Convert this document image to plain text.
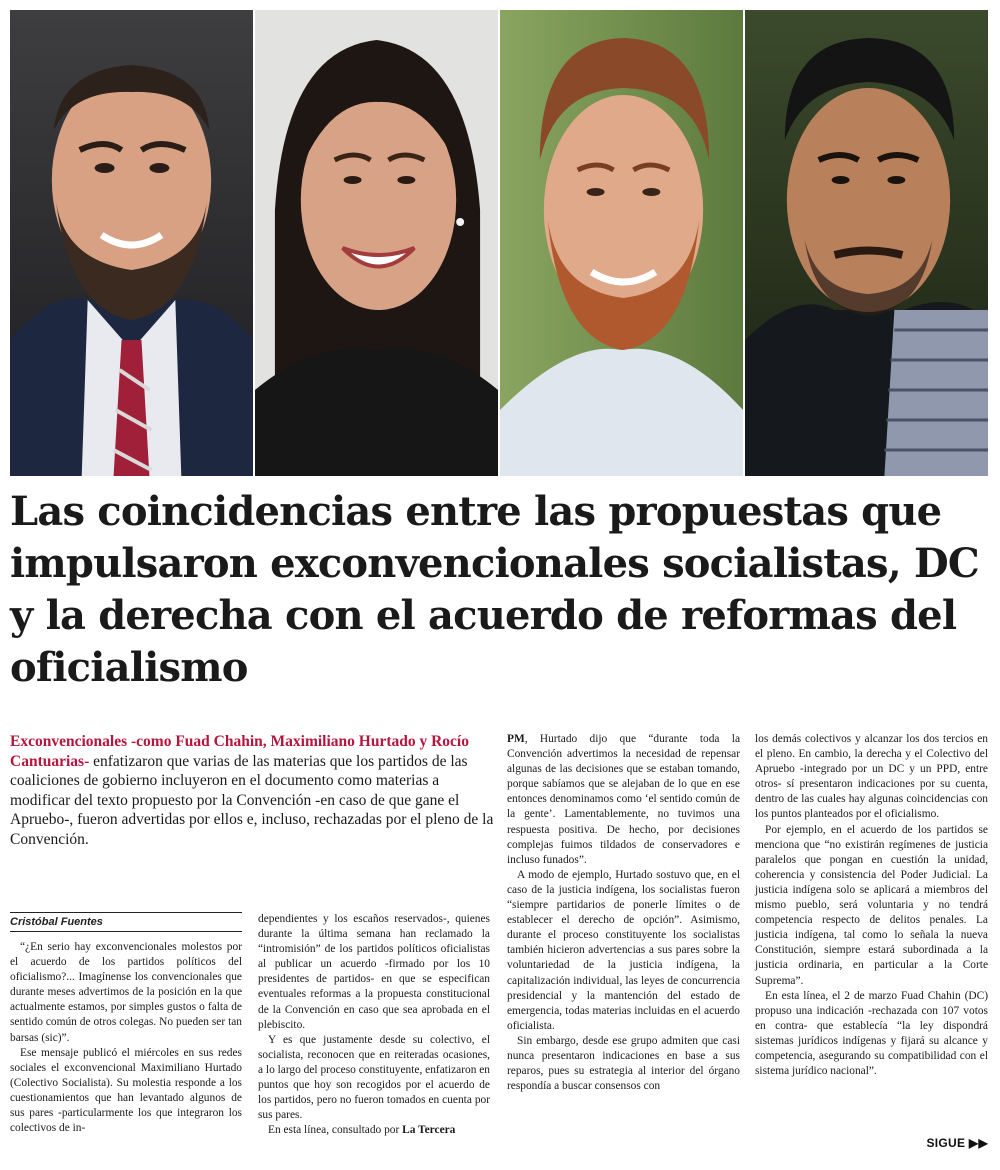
Las coincidencias entre las propuestas que impulsaron exconvencionales socialistas, DC y la derecha con el acuerdo de reformas del oficialismo
Exconvencionales -como Fuad Chahin, Maximiliano Hurtado y Rocío Cantuarias- enfatizaron que varias de las materias que los partidos de las coaliciones de gobierno incluyeron en el documento como materias a modificar del texto propuesto por la Convención -en caso de que gane el Apruebo-, fueron advertidas por ellos e, incluso, rechazadas por el pleno de la Convención.
Cristóbal Fuentes

“¿En serio hay exconvencionales molestos por el acuerdo de los partidos políticos del oficialismo?... Imagínense los convencionales que durante meses advertimos de la posición en la que actualmente estamos, por simples gustos o falta de sentido común de otros colegas. No pueden ser tan barsas (sic)”.

Ese mensaje publicó el miércoles en sus redes sociales el exconvencional Maximiliano Hurtado (Colectivo Socialista). Su molestia responde a los cuestionamientos que han levantado algunos de sus pares -particularmente los que integraron los colectivos de in-

dependientes y los escaños reservados-, quienes durante la última semana han reclamado la “intromisión” de los partidos políticos oficialistas al publicar un acuerdo -firmado por los 10 presidentes de partidos- en que se especifican eventuales reformas a la propuesta constitucional de la Convención en caso que sea aprobada en el plebiscito.

Y es que justamente desde su colectivo, el socialista, reconocen que en reiteradas ocasiones, a lo largo del proceso constituyente, enfatizaron en puntos que hoy son recogidos por el acuerdo de los partidos, pero no fueron tomados en cuenta por sus pares.

En esta línea, consultado por La Tercera

PM, Hurtado dijo que “durante toda la Convención advertimos la necesidad de repensar algunas de las decisiones que se estaban tomando, porque sabíamos que se alejaban de lo que en ese entonces denominamos como ‘el sentido común de la gente’. Lamentablemente, no tuvimos una respuesta positiva. De hecho, por decisiones complejas fuimos tildados de conservadores e incluso funados”.

A modo de ejemplo, Hurtado sostuvo que, en el caso de la justicia indígena, los socialistas fueron “siempre partidarios de ponerle límites o de establecer el derecho de opción”. Asimismo, durante el proceso constituyente los socialistas también hicieron advertencias a sus pares sobre la voluntariedad de la justicia indígena, la capitalización individual, las leyes de concurrencia presidencial y la mantención del estado de emergencia, todas materias incluidas en el acuerdo oficialista.

Sin embargo, desde ese grupo admiten que casi nunca presentaron indicaciones en base a sus reparos, pues su estrategia al interior del órgano respondía a buscar consensos con

los demás colectivos y alcanzar los dos tercios en el pleno. En cambio, la derecha y el Colectivo del Apruebo -integrado por un DC y un PPD, entre otros- sí presentaron indicaciones por su cuenta, dentro de las cuales hay algunas coincidencias con los puntos planteados por el oficialismo.

Por ejemplo, en el acuerdo de los partidos se menciona que “no existirán regímenes de justicia paralelos que pongan en cuestión la unidad, coherencia y consistencia del Poder Judicial. La justicia indígena solo se aplicará a miembros del mismo pueblo, será voluntaria y no tendrá competencia respecto de delitos penales. La justicia indígena, tal como lo señala la nueva Constitución, siempre estará subordinada a la justicia ordinaria, en particular a la Corte Suprema”.

En esta línea, el 2 de marzo Fuad Chahin (DC) propuso una indicación -rechazada con 107 votos en contra- que establecía “la ley dispondrá sistemas jurídicos indígenas y fijará su alcance y competencia, asegurando su compatibilidad con el sistema jurídico nacional”.

SIGUE ▶▶
